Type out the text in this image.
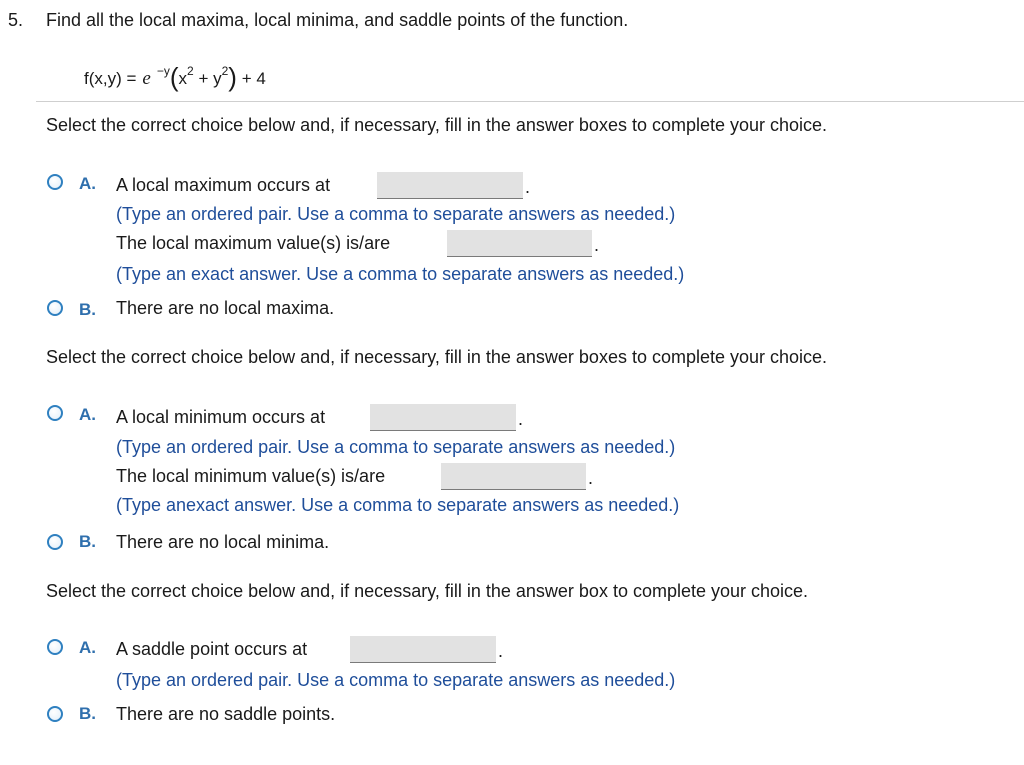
5. Find all the local maxima, local minima, and saddle points of the function.
f(x,y) = e −y ( x 2 + y 2 ) + 4
Select the correct choice below and, if necessary, fill in the answer boxes to complete your choice.
A. A local maximum occurs at	.
(Type an ordered pair. Use a comma to separate answers as needed.)
The local maximum value(s) is/are	.
(Type an exact answer. Use a comma to separate answers as needed.)
B. There are no local maxima.
Select the correct choice below and, if necessary, fill in the answer boxes to complete your choice.
A. A local minimum occurs at	.
(Type an ordered pair. Use a comma to separate answers as needed.)
The local minimum value(s) is/are	.
(Type anexact answer. Use a comma to separate answers as needed.)
B. There are no local minima.
Select the correct choice below and, if necessary, fill in the answer box to complete your choice.
A. A saddle point occurs at	.
(Type an ordered pair. Use a comma to separate answers as needed.)
B. There are no saddle points.
